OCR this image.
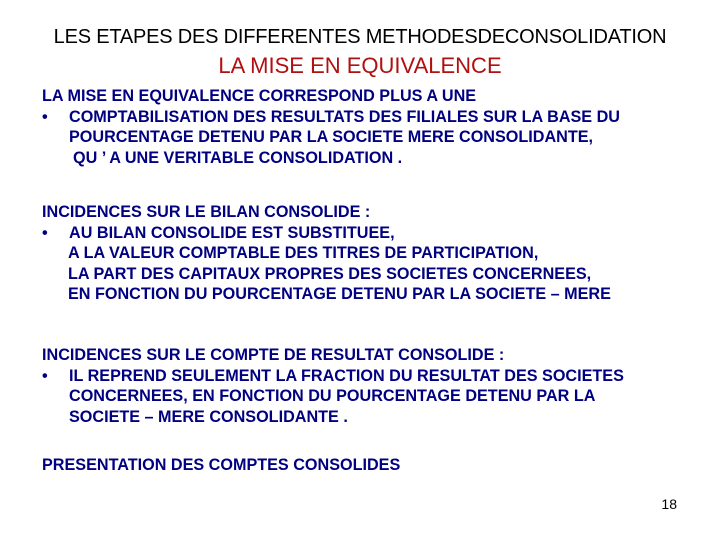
LES ETAPES DES DIFFERENTES METHODESDECONSOLIDATION
LA MISE EN EQUIVALENCE
LA MISE EN EQUIVALENCE CORRESPOND PLUS A UNE
•	COMPTABILISATION DES RESULTATS DES FILIALES SUR LA BASE DU
POURCENTAGE DETENU PAR LA SOCIETE MERE CONSOLIDANTE,
QU ’ A UNE VERITABLE CONSOLIDATION .
INCIDENCES SUR LE BILAN CONSOLIDE :
•	AU BILAN CONSOLIDE EST SUBSTITUEE,
A LA VALEUR COMPTABLE DES TITRES DE PARTICIPATION,
LA PART DES CAPITAUX PROPRES DES SOCIETES CONCERNEES,
EN FONCTION DU POURCENTAGE DETENU PAR LA SOCIETE – MERE
INCIDENCES SUR LE COMPTE DE RESULTAT CONSOLIDE :
•	IL REPREND SEULEMENT LA FRACTION DU RESULTAT DES SOCIETES
CONCERNEES, EN FONCTION DU POURCENTAGE DETENU PAR LA
SOCIETE – MERE CONSOLIDANTE .
PRESENTATION DES COMPTES CONSOLIDES
18
